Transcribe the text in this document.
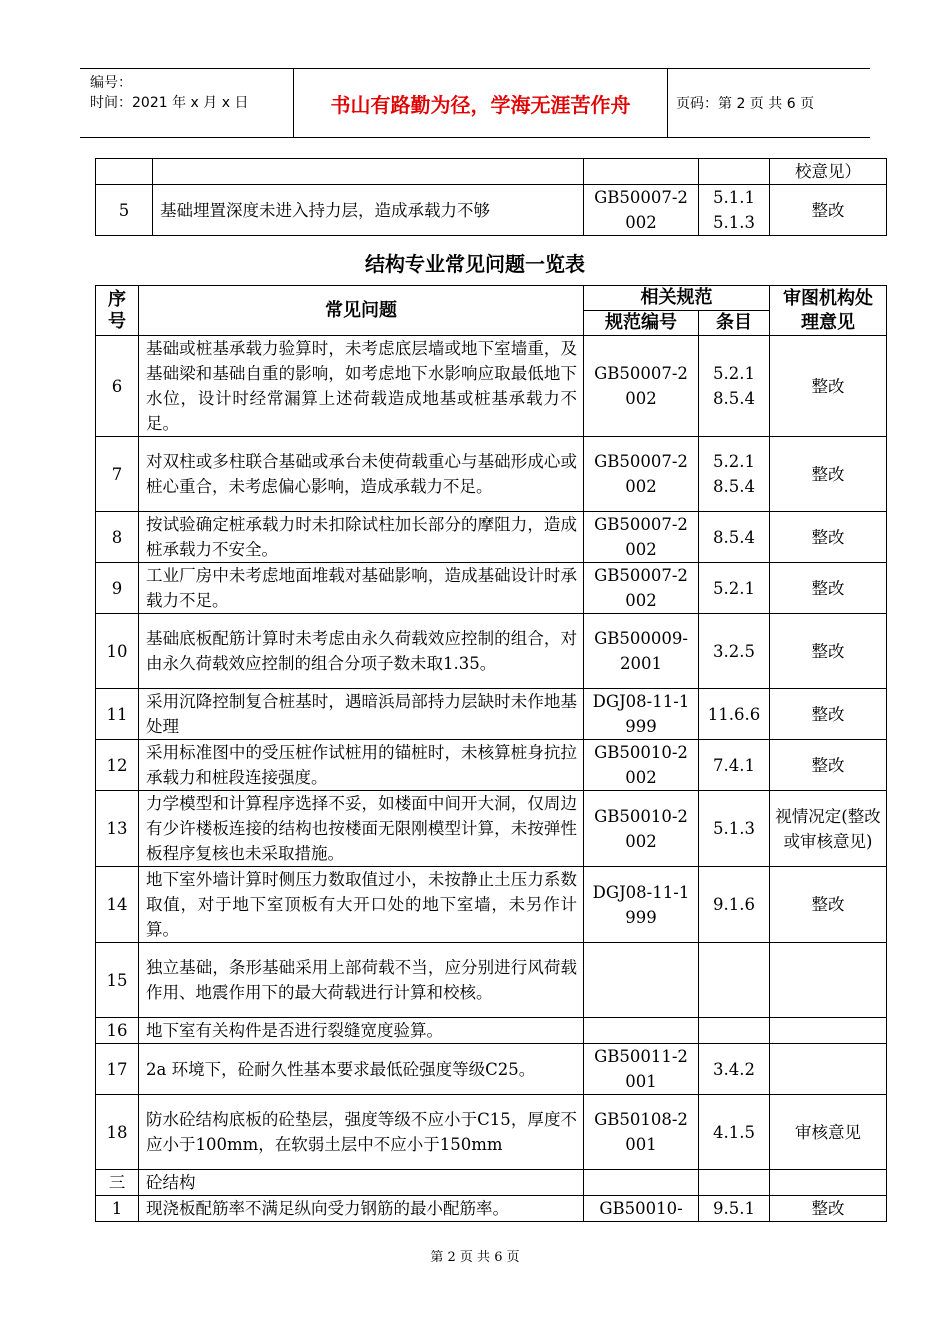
编号：
时间：2021 年 x 月 x 日	书山有路勤为径，学海无涯苦作舟	页码：第 2 页 共 6 页
				校意见）
5	基础埋置深度未进入持力层，造成承载力不够	GB50007-2002	5.1.1 5.1.3	整改
结构专业常见问题一览表
序号	常见问题	相关规范		审图机构处理意见
		规范编号	条目	
6	基础或桩基承载力验算时，未考虑底层墙或地下室墙重，及基础梁和基础自重的影响，如考虑地下水影响应取最低地下水位，设计时经常漏算上述荷载造成地基或桩基承载力不足。	GB50007-2002	5.2.1 8.5.4	整改
7	对双柱或多柱联合基础或承台未使荷载重心与基础形成心或桩心重合，未考虑偏心影响，造成承载力不足。	GB50007-2002	5.2.1 8.5.4	整改
8	按试验确定桩承载力时未扣除试柱加长部分的摩阻力，造成桩承载力不安全。	GB50007-2002	8.5.4	整改
9	工业厂房中未考虑地面堆载对基础影响，造成基础设计时承载力不足。	GB50007-2002	5.2.1	整改
10	基础底板配筋计算时未考虑由永久荷载效应控制的组合，对由永久荷载效应控制的组合分项子数未取1.35。	GB500009-2001	3.2.5	整改
11	采用沉降控制复合桩基时，遇暗浜局部持力层缺时未作地基处理	DGJ08-11-1999	11.6.6	整改
12	采用标准图中的受压桩作试桩用的锚桩时，未核算桩身抗拉承载力和桩段连接强度。	GB50010-2002	7.4.1	整改
13	力学模型和计算程序选择不妥，如楼面中间开大洞，仅周边有少许楼板连接的结构也按楼面无限刚模型计算，未按弹性板程序复核也未采取措施。	GB50010-2002	5.1.3	视情况定(整改或审核意见)
14	地下室外墙计算时侧压力数取值过小，未按静止土压力系数取值，对于地下室顶板有大开口处的地下室墙，未另作计算。	DGJ08-11-1999	9.1.6	整改
15	独立基础，条形基础采用上部荷载不当，应分别进行风荷载作用、地震作用下的最大荷载进行计算和校核。			
16	地下室有关构件是否进行裂缝宽度验算。			
17	2a 环境下，砼耐久性基本要求最低砼强度等级C25。	GB50011-2001	3.4.2	
18	防水砼结构底板的砼垫层，强度等级不应小于C15，厚度不应小于100mm，在软弱土层中不应小于150mm	GB50108-2001	4.1.5	审核意见
三	砼结构			
1	现浇板配筋率不满足纵向受力钢筋的最小配筋率。	GB50010-	9.5.1	整改
第 2 页 共 6 页
